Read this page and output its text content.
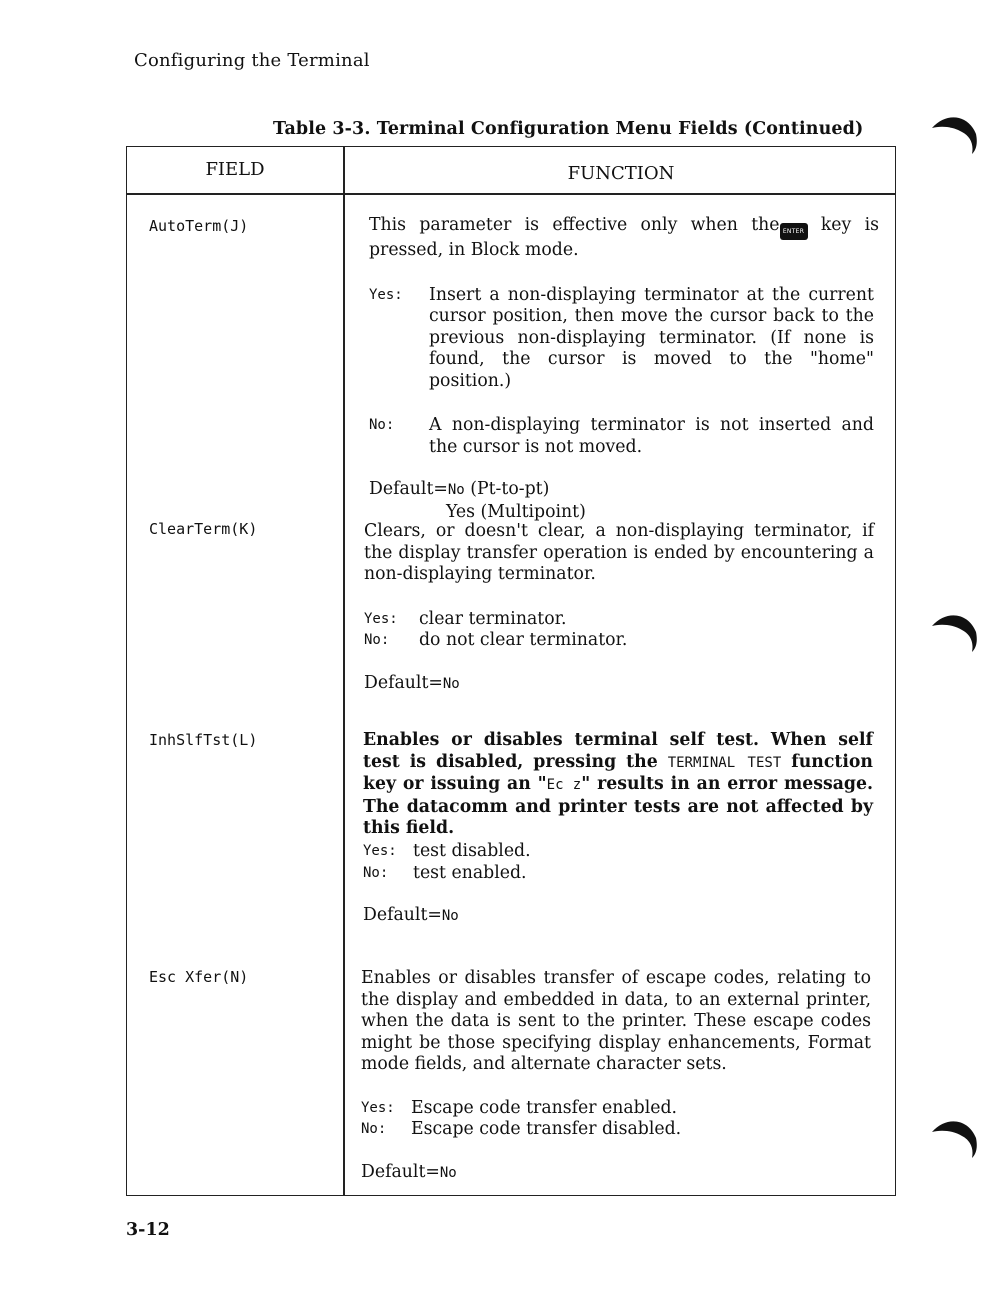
Configuring the Terminal
Table 3-3. Terminal Configuration Menu Fields (Continued)
FIELD	FUNCTION
AutoTerm(J)	This parameter is effective only when the ENTER key is pressed, in Block mode.
Yes: Insert a non-displaying terminator at the current cursor position, then move the cursor back to the previous non-displaying terminator. (If none is found, the cursor is moved to the "home" position.)
No: A non-displaying terminator is not inserted and the cursor is not moved.
Default=No (Pt-to-pt)
Yes (Multipoint)
ClearTerm(K)	Clears, or doesn't clear, a non-displaying terminator, if the display transfer operation is ended by encountering a non-displaying terminator.
Yes: clear terminator.
No: do not clear terminator.
Default=No
InhSlfTst(L)	Enables or disables terminal self test. When self test is disabled, pressing the TERMINAL TEST function key or issuing an "Ec z" results in an error message. The datacomm and printer tests are not affected by this field.
Yes: test disabled.
No: test enabled.
Default=No
Esc Xfer(N)	Enables or disables transfer of escape codes, relating to the display and embedded in data, to an external printer, when the data is sent to the printer. These escape codes might be those specifying display enhancements, Format mode fields, and alternate character sets.
Yes: Escape code transfer enabled.
No: Escape code transfer disabled.
Default=No
3-12
